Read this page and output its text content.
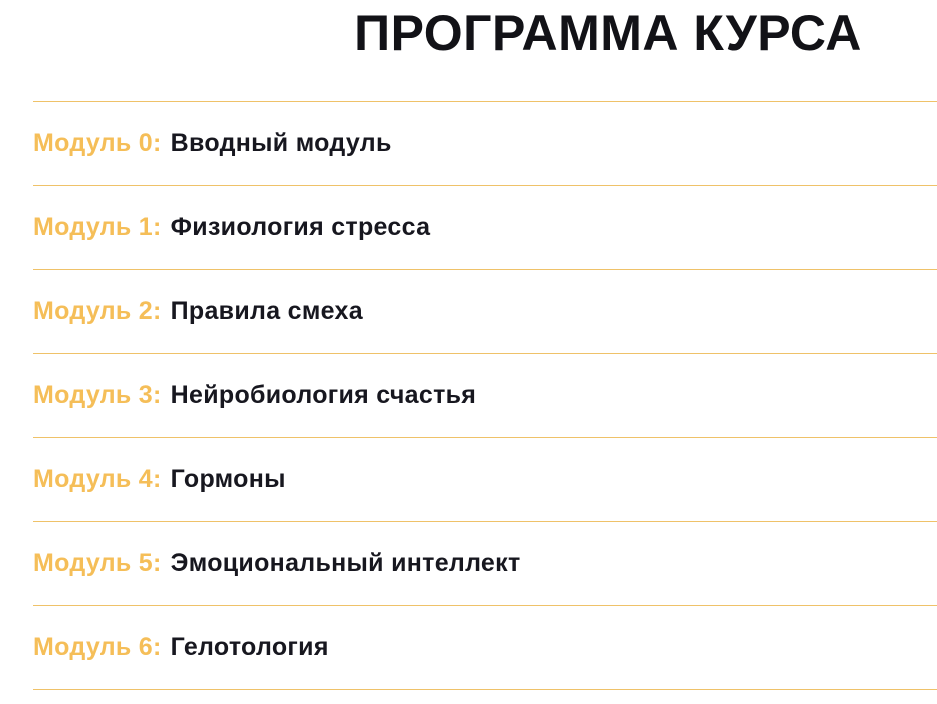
ПРОГРАММА КУРСА
Модуль 0: Вводный модуль
Модуль 1: Физиология стресса
Модуль 2: Правила смеха
Модуль 3: Нейробиология счастья
Модуль 4: Гормоны
Модуль 5: Эмоциональный интеллект
Модуль 6: Гелотология
